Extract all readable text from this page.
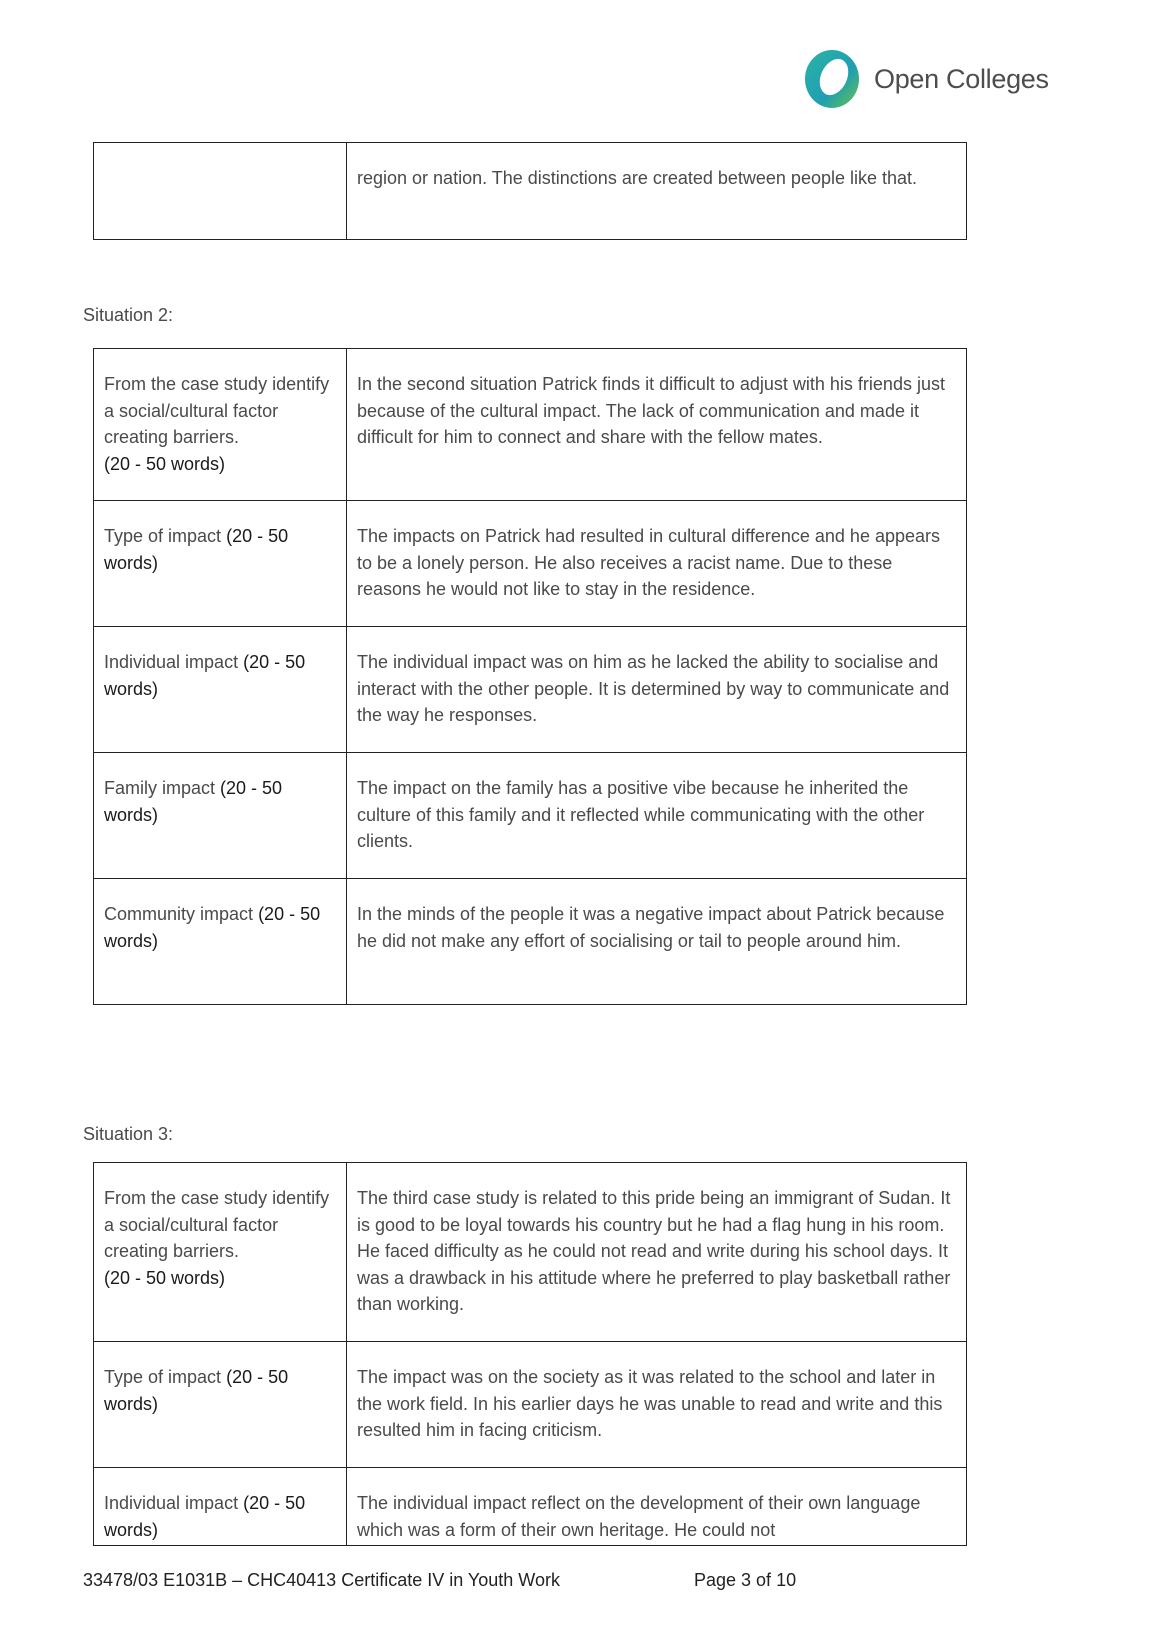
Open Colleges
	region or nation. The distinctions are created between people like that.
Situation 2:
From the case study identify a social/cultural factor creating barriers.
(20 - 50 words)	In the second situation Patrick finds it difficult to adjust with his friends just because of the cultural impact. The lack of communication and made it difficult for him to connect and share with the fellow mates.
Type of impact (20 - 50 words)	The impacts on Patrick had resulted in cultural difference and he appears to be a lonely person. He also receives a racist name. Due to these reasons he would not like to stay in the residence.
Individual impact (20 - 50 words)	The individual impact was on him as he lacked the ability to socialise and interact with the other people. It is determined by way to communicate and the way he responses.
Family impact (20 - 50 words)	The impact on the family has a positive vibe because he inherited the culture of this family and it reflected while communicating with the other clients.
Community impact (20 - 50 words)	In the minds of the people it was a negative impact about Patrick because he did not make any effort of socialising or tail to people around him.
Situation 3:
From the case study identify a social/cultural factor creating barriers.
(20 - 50 words)	The third case study is related to this pride being an immigrant of Sudan. It is good to be loyal towards his country but he had a flag hung in his room. He faced difficulty as he could not read and write during his school days. It was a drawback in his attitude where he preferred to play basketball rather than working.
Type of impact (20 - 50 words)	The impact was on the society as it was related to the school and later in the work field. In his earlier days he was unable to read and write and this resulted him in facing criticism.
Individual impact (20 - 50 words)	The individual impact reflect on the development of their own language which was a form of their own heritage. He could not
33478/03 E1031B – CHC40413 Certificate IV in Youth Work	Page 3 of 10
